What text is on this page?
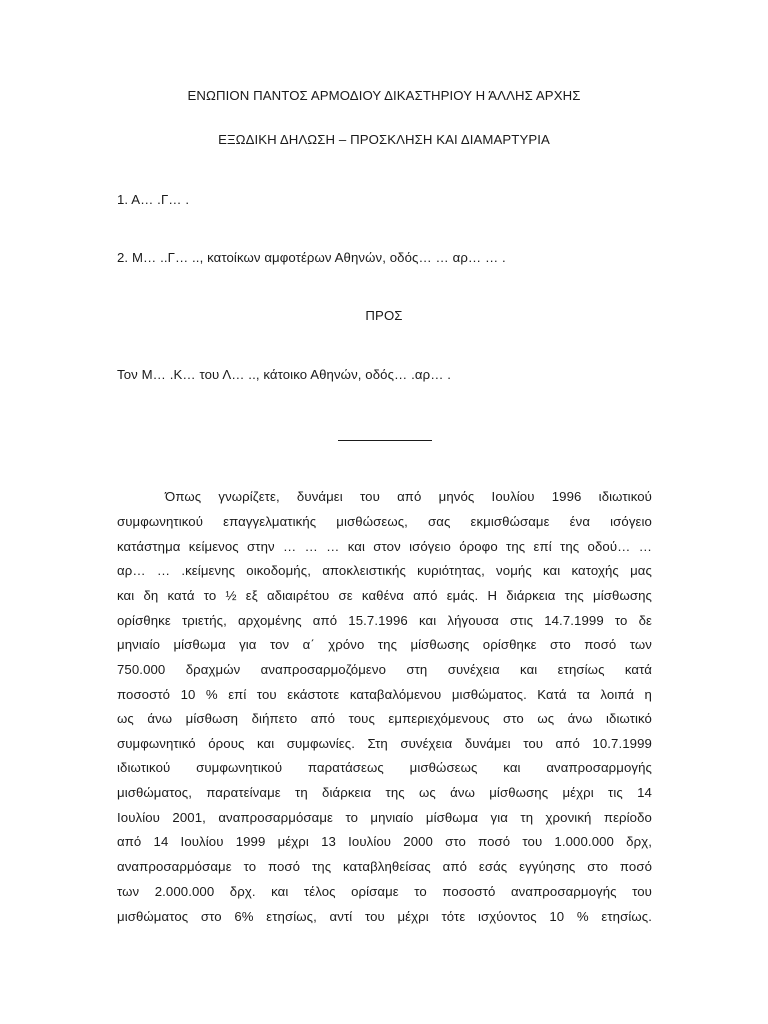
ΕΝΩΠΙΟΝ ΠΑΝΤΟΣ ΑΡΜΟΔΙΟΥ ΔΙΚΑΣΤΗΡΙΟΥ Η ΆΛΛΗΣ ΑΡΧΗΣ
ΕΞΩΔΙΚΗ ΔΗΛΩΣΗ – ΠΡΟΣΚΛΗΣΗ ΚΑΙ ΔΙΑΜΑΡΤΥΡΙΑ
1. Α… .Γ… .
2. Μ… ..Γ… .., κατοίκων αμφοτέρων Αθηνών, οδός… … αρ… … .
ΠΡΟΣ
Τον Μ… .Κ… του Λ… .., κάτοικο Αθηνών, οδός… .αρ… .
Όπως γνωρίζετε, δυνάμει του από μηνός Ιουλίου 1996 ιδιωτικού
συμφωνητικού επαγγελματικής μισθώσεως, σας εκμισθώσαμε ένα ισόγειο
κατάστημα κείμενος στην … … … και στον ισόγειο όροφο της επί της οδού… …
αρ… … .κείμενης οικοδομής, αποκλειστικής κυριότητας, νομής και κατοχής μας
και δη κατά το ½ εξ αδιαιρέτου σε καθένα από εμάς. Η διάρκεια της μίσθωσης
ορίσθηκε τριετής, αρχομένης από 15.7.1996 και λήγουσα στις 14.7.1999 το δε
μηνιαίο μίσθωμα για τον α΄ χρόνο της μίσθωσης ορίσθηκε στο ποσό των
750.000 δραχμών αναπροσαρμοζόμενο στη συνέχεια και ετησίως κατά
ποσοστό 10 % επί του εκάστοτε καταβαλόμενου μισθώματος. Κατά τα λοιπά η
ως άνω μίσθωση διήπετο από τους εμπεριεχόμενους στο ως άνω ιδιωτικό
συμφωνητικό όρους και συμφωνίες. Στη συνέχεια δυνάμει του από 10.7.1999
ιδιωτικού συμφωνητικού παρατάσεως μισθώσεως και αναπροσαρμογής
μισθώματος, παρατείναμε τη διάρκεια της ως άνω μίσθωσης μέχρι τις 14
Ιουλίου 2001, αναπροσαρμόσαμε το μηνιαίο μίσθωμα για τη χρονική περίοδο
από 14 Ιουλίου 1999 μέχρι 13 Ιουλίου 2000 στο ποσό του 1.000.000 δρχ,
αναπροσαρμόσαμε το ποσό της καταβληθείσας από εσάς εγγύησης στο ποσό
των 2.000.000 δρχ. και τέλος ορίσαμε το ποσοστό αναπροσαρμογής του
μισθώματος στο 6% ετησίως, αντί του μέχρι τότε ισχύοντος 10 % ετησίως.
